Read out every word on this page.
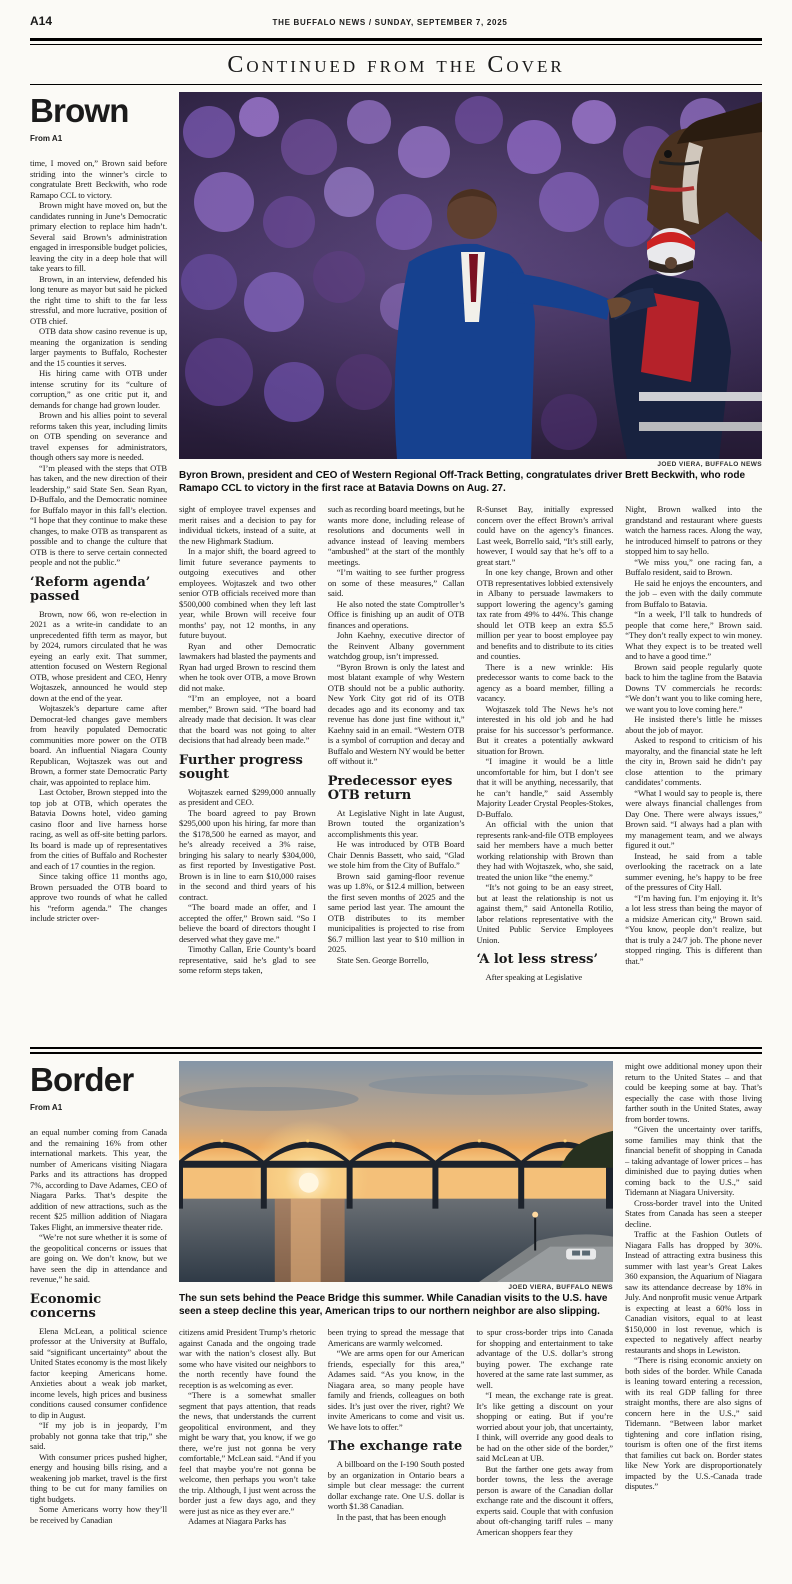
A14	THE BUFFALO NEWS / SUNDAY, SEPTEMBER 7, 2025
Continued from the Cover
Brown
From A1

time, I moved on,” Brown said before striding into the winner’s circle to congratulate Brett Beckwith, who rode Ramapo CCL to victory.

Brown might have moved on, but the candidates running in June’s Democratic primary election to replace him hadn’t. Several said Brown’s administration engaged in irresponsible budget policies, leaving the city in a deep hole that will take years to fill.

Brown, in an interview, defended his long tenure as mayor but said he picked the right time to shift to the far less stressful, and more lucrative, position of OTB chief.

OTB data show casino revenue is up, meaning the organization is sending larger payments to Buffalo, Rochester and the 15 counties it serves.

His hiring came with OTB under intense scrutiny for its “culture of corruption,” as one critic put it, and demands for change had grown louder.

Brown and his allies point to several reforms taken this year, including limits on OTB spending on severance and travel expenses for administrators, though others say more is needed.

“I’m pleased with the steps that OTB has taken, and the new direction of their leadership,” said State Sen. Sean Ryan, D-Buffalo, and the Democratic nominee for Buffalo mayor in this fall’s election. “I hope that they continue to make these changes, to make OTB as transparent as possible and to change the culture that OTB is there to serve certain connected people and not the public.”

‘Reform agenda’ passed

Brown, now 66, won re-election in 2021 as a write-in candidate to an unprecedented fifth term as mayor, but by 2024, rumors circulated that he was eyeing an early exit. That summer, attention focused on Western Regional OTB, whose president and CEO, Henry Wojtaszek, announced he would step down at the end of the year.

Wojtaszek’s departure came after Democrat-led changes gave members from heavily populated Democratic communities more power on the OTB board. An influential Niagara County Republican, Wojtaszek was out and Brown, a former state Democratic Party chair, was appointed to replace him.

Last October, Brown stepped into the top job at OTB, which operates the Batavia Downs hotel, video gaming casino floor and live harness horse racing, as well as off-site betting parlors. Its board is made up of representatives from the cities of Buffalo and Rochester and each of 17 counties in the region.

Since taking office 11 months ago, Brown persuaded the OTB board to approve two rounds of what he called his “reform agenda.” The changes include stricter over-

JOED VIERA, BUFFALO NEWS
Byron Brown, president and CEO of Western Regional Off-Track Betting, congratulates driver Brett Beckwith, who rode Ramapo CCL to victory in the first race at Batavia Downs on Aug. 27.

sight of employee travel expenses and merit raises and a decision to pay for individual tickets, instead of a suite, at the new Highmark Stadium.

In a major shift, the board agreed to limit future severance payments to outgoing executives and other employees. Wojtaszek and two other senior OTB officials received more than $500,000 combined when they left last year, while Brown will receive four months’ pay, not 12 months, in any future buyout.

Ryan and other Democratic lawmakers had blasted the payments and Ryan had urged Brown to rescind them when he took over OTB, a move Brown did not make.

“I’m an employee, not a board member,” Brown said. “The board had already made that decision. It was clear that the board was not going to alter decisions that had already been made.”

Further progress sought

Wojtaszek earned $299,000 annually as president and CEO.

The board agreed to pay Brown $295,000 upon his hiring, far more than the $178,500 he earned as mayor, and he’s already received a 3% raise, bringing his salary to nearly $304,000, as first reported by Investigative Post. Brown is in line to earn $10,000 raises in the second and third years of his contract.

“The board made an offer, and I accepted the offer,” Brown said. “So I believe the board of directors thought I deserved what they gave me.”

Timothy Callan, Erie County’s board representative, said he’s glad to see some reform steps taken,

such as recording board meetings, but he wants more done, including release of resolutions and documents well in advance instead of leaving members “ambushed” at the start of the monthly meetings.

“I’m waiting to see further progress on some of these measures,” Callan said.

He also noted the state Comptroller’s Office is finishing up an audit of OTB finances and operations.

John Kaehny, executive director of the Reinvent Albany government watchdog group, isn’t impressed.

“Byron Brown is only the latest and most blatant example of why Western OTB should not be a public authority. New York City got rid of its OTB decades ago and its economy and tax revenue has done just fine without it,” Kaehny said in an email. “Western OTB is a symbol of corruption and decay and Buffalo and Western NY would be better off without it.”

Predecessor eyes OTB return

At Legislative Night in late August, Brown touted the organization’s accomplishments this year.

He was introduced by OTB Board Chair Dennis Bassett, who said, “Glad we stole him from the City of Buffalo.”

Brown said gaming-floor revenue was up 1.8%, or $12.4 million, between the first seven months of 2025 and the same period last year. The amount the OTB distributes to its member municipalities is projected to rise from $6.7 million last year to $10 million in 2025.

State Sen. George Borrello,

R-Sunset Bay, initially expressed concern over the effect Brown’s arrival could have on the agency’s finances. Last week, Borrello said, “It’s still early, however, I would say that he’s off to a great start.”

In one key change, Brown and other OTB representatives lobbied extensively in Albany to persuade lawmakers to support lowering the agency’s gaming tax rate from 49% to 44%. This change should let OTB keep an extra $5.5 million per year to boost employee pay and benefits and to distribute to its cities and counties.

There is a new wrinkle: His predecessor wants to come back to the agency as a board member, filling a vacancy.

Wojtaszek told The News he’s not interested in his old job and he had praise for his successor’s performance. But it creates a potentially awkward situation for Brown.

“I imagine it would be a little uncomfortable for him, but I don’t see that it will be anything, necessarily, that he can’t handle,” said Assembly Majority Leader Crystal Peoples-Stokes, D-Buffalo.

An official with the union that represents rank-and-file OTB employees said her members have a much better working relationship with Brown than they had with Wojtaszek, who, she said, treated the union like “the enemy.”

“It’s not going to be an easy street, but at least the relationship is not us against them,” said Antonella Rotilio, labor relations representative with the United Public Service Employees Union.

‘A lot less stress’

After speaking at Legislative

Night, Brown walked into the grandstand and restaurant where guests watch the harness races. Along the way, he introduced himself to patrons or they stopped him to say hello.

“We miss you,” one racing fan, a Buffalo resident, said to Brown.

He said he enjoys the encounters, and the job – even with the daily commute from Buffalo to Batavia.

“In a week, I’ll talk to hundreds of people that come here,” Brown said. “They don’t really expect to win money. What they expect is to be treated well and to have a good time.”

Brown said people regularly quote back to him the tagline from the Batavia Downs TV commercials he records: “We don’t want you to like coming here, we want you to love coming here.”

He insisted there’s little he misses about the job of mayor.

Asked to respond to criticism of his mayoralty, and the financial state he left the city in, Brown said he didn’t pay close attention to the primary candidates’ comments.

“What I would say to people is, there were always financial challenges from Day One. There were always issues,” Brown said. “I always had a plan with my management team, and we always figured it out.”

Instead, he said from a table overlooking the racetrack on a late summer evening, he’s happy to be free of the pressures of City Hall.

“I’m having fun. I’m enjoying it. It’s a lot less stress than being the mayor of a midsize American city,” Brown said. “You know, people don’t realize, but that is truly a 24/7 job. The phone never stopped ringing. This is different than that.”

Border
From A1

an equal number coming from Canada and the remaining 16% from other international markets. This year, the number of Americans visiting Niagara Parks and its attractions has dropped 7%, according to Dave Adames, CEO of Niagara Parks. That’s despite the addition of new attractions, such as the recent $25 million addition of Niagara Takes Flight, an immersive theater ride.

“We’re not sure whether it is some of the geopolitical concerns or issues that are going on. We don’t know, but we have seen the dip in attendance and revenue,” he said.

Economic concerns

Elena McLean, a political science professor at the University at Buffalo, said “significant uncertainty” about the United States economy is the most likely factor keeping Americans home. Anxieties about a weak job market, income levels, high prices and business conditions caused consumer confidence to dip in August.

“If my job is in jeopardy, I’m probably not gonna take that trip,” she said.

With consumer prices pushed higher, energy and housing bills rising, and a weakening job market, travel is the first thing to be cut for many families on tight budgets.

Some Americans worry how they’ll be received by Canadian

JOED VIERA, BUFFALO NEWS
The sun sets behind the Peace Bridge this summer. While Canadian visits to the U.S. have seen a steep decline this year, American trips to our northern neighbor are also slipping.

citizens amid President Trump’s rhetoric against Canada and the ongoing trade war with the nation’s closest ally. But some who have visited our neighbors to the north recently have found the reception is as welcoming as ever.

“There is a somewhat smaller segment that pays attention, that reads the news, that understands the current geopolitical environment, and they might be wary that, you know, if we go there, we’re just not gonna be very comfortable,” McLean said. “And if you feel that maybe you’re not gonna be welcome, then perhaps you won’t take the trip. Although, I just went across the border just a few days ago, and they were just as nice as they ever are.”

Adames at Niagara Parks has

been trying to spread the message that Americans are warmly welcomed.

“We are arms open for our American friends, especially for this area,” Adames said. “As you know, in the Niagara area, so many people have family and friends, colleagues on both sides. It’s just over the river, right? We invite Americans to come and visit us. We have lots to offer.”

The exchange rate

A billboard on the I-190 South posted by an organization in Ontario bears a simple but clear message: the current dollar exchange rate. One U.S. dollar is worth $1.38 Canadian.

In the past, that has been enough

to spur cross-border trips into Canada for shopping and entertainment to take advantage of the U.S. dollar’s strong buying power. The exchange rate hovered at the same rate last summer, as well.

“I mean, the exchange rate is great. It’s like getting a discount on your shopping or eating. But if you’re worried about your job, that uncertainty, I think, will override any good deals to be had on the other side of the border,” said McLean at UB.

But the farther one gets away from border towns, the less the average person is aware of the Canadian dollar exchange rate and the discount it offers, experts said. Couple that with confusion about oft-changing tariff rules – many American shoppers fear they

might owe additional money upon their return to the United States – and that could be keeping some at bay. That’s especially the case with those living farther south in the United States, away from border towns.

“Given the uncertainty over tariffs, some families may think that the financial benefit of shopping in Canada – taking advantage of lower prices – has diminished due to paying duties when coming back to the U.S.,” said Tidemann at Niagara University.

Cross-border travel into the United States from Canada has seen a steeper decline.

Traffic at the Fashion Outlets of Niagara Falls has dropped by 30%. Instead of attracting extra business this summer with last year’s Great Lakes 360 expansion, the Aquarium of Niagara saw its attendance decrease by 18% in July. And nonprofit music venue Artpark is expecting at least a 60% loss in Canadian visitors, equal to at least $150,000 in lost revenue, which is expected to negatively affect nearby restaurants and shops in Lewiston.

“There is rising economic anxiety on both sides of the border. While Canada is leaning toward entering a recession, with its real GDP falling for three straight months, there are also signs of concern here in the U.S.,” said Tidemann. “Between labor market tightening and core inflation rising, tourism is often one of the first items that families cut back on. Border states like New York are disproportionately impacted by the U.S.-Canada trade disputes.”
